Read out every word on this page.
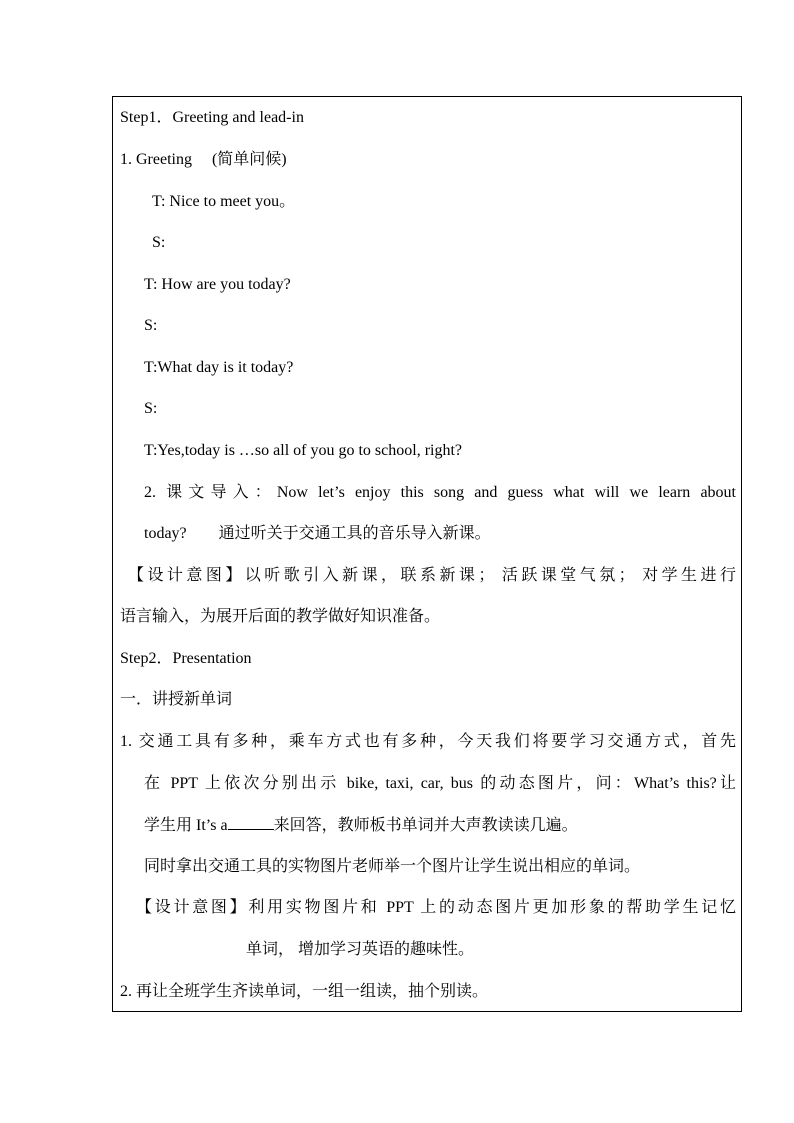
Step1．Greeting and lead-in
1. Greeting　 (简单问候)
T: Nice to meet you。
S:
T: How are you today?
S:
T:What day is it today?
S:
T:Yes,today is …so all of you go to school, right?
2. 课文导入：Now let’s enjoy this song and guess what will we learn about
today?　　通过听关于交通工具的音乐导入新课。
【设计意图】以听歌引入新课，联系新课； 活跃课堂气氛； 对学生进行
语言输入，为展开后面的教学做好知识准备。
Step2．Presentation
一．讲授新单词
1. 交通工具有多种，乘车方式也有多种，今天我们将要学习交通方式，首先
在 PPT 上依次分别出示 bike, taxi, car, bus 的动态图片，问：What’s this?让
学生用 It’s a	来回答，教师板书单词并大声教读读几遍。
同时拿出交通工具的实物图片老师举一个图片让学生说出相应的单词。
【设计意图】利用实物图片和 PPT 上的动态图片更加形象的帮助学生记忆
单词， 增加学习英语的趣味性。
2. 再让全班学生齐读单词，一组一组读，抽个别读。
